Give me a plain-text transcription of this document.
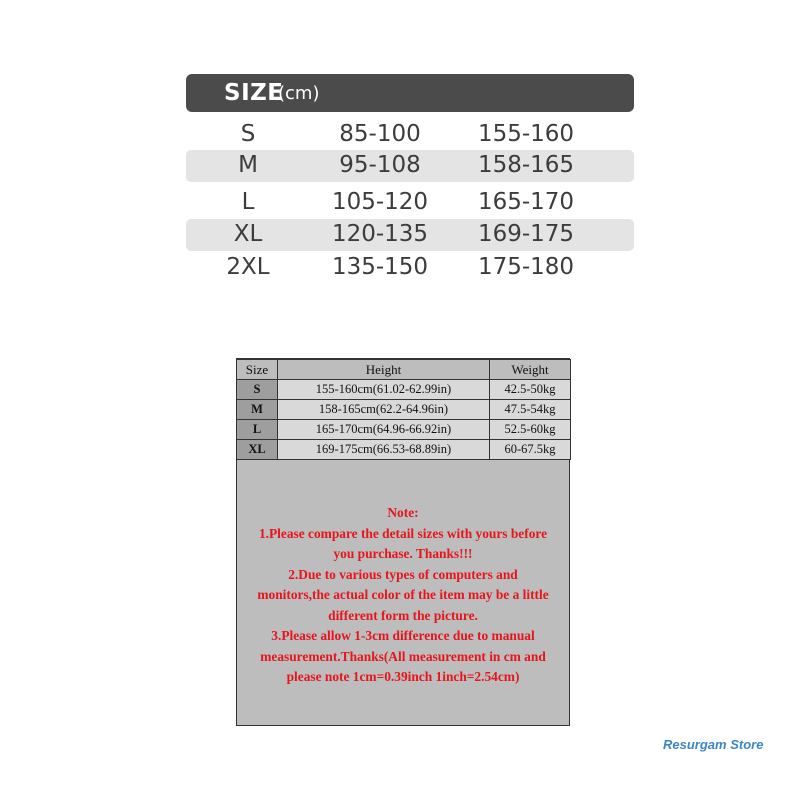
SIZE
(cm)
S	85-100	155-160
M	95-108	158-165
L	105-120	165-170
XL	120-135	169-175
2XL	135-150	175-180
Size	Height	Weight
S	155-160cm(61.02-62.99in)	42.5-50kg
M	158-165cm(62.2-64.96in)	47.5-54kg
L	165-170cm(64.96-66.92in)	52.5-60kg
XL	169-175cm(66.53-68.89in)	60-67.5kg
Note:
1.Please compare the detail sizes with yours before
you purchase. Thanks!!!
2.Due to various types of computers and
monitors,the actual color of the item may be a little
different form the picture.
3.Please allow 1-3cm difference due to manual
measurement.Thanks(All measurement in cm and
please note 1cm=0.39inch 1inch=2.54cm)
Resurgam Store
